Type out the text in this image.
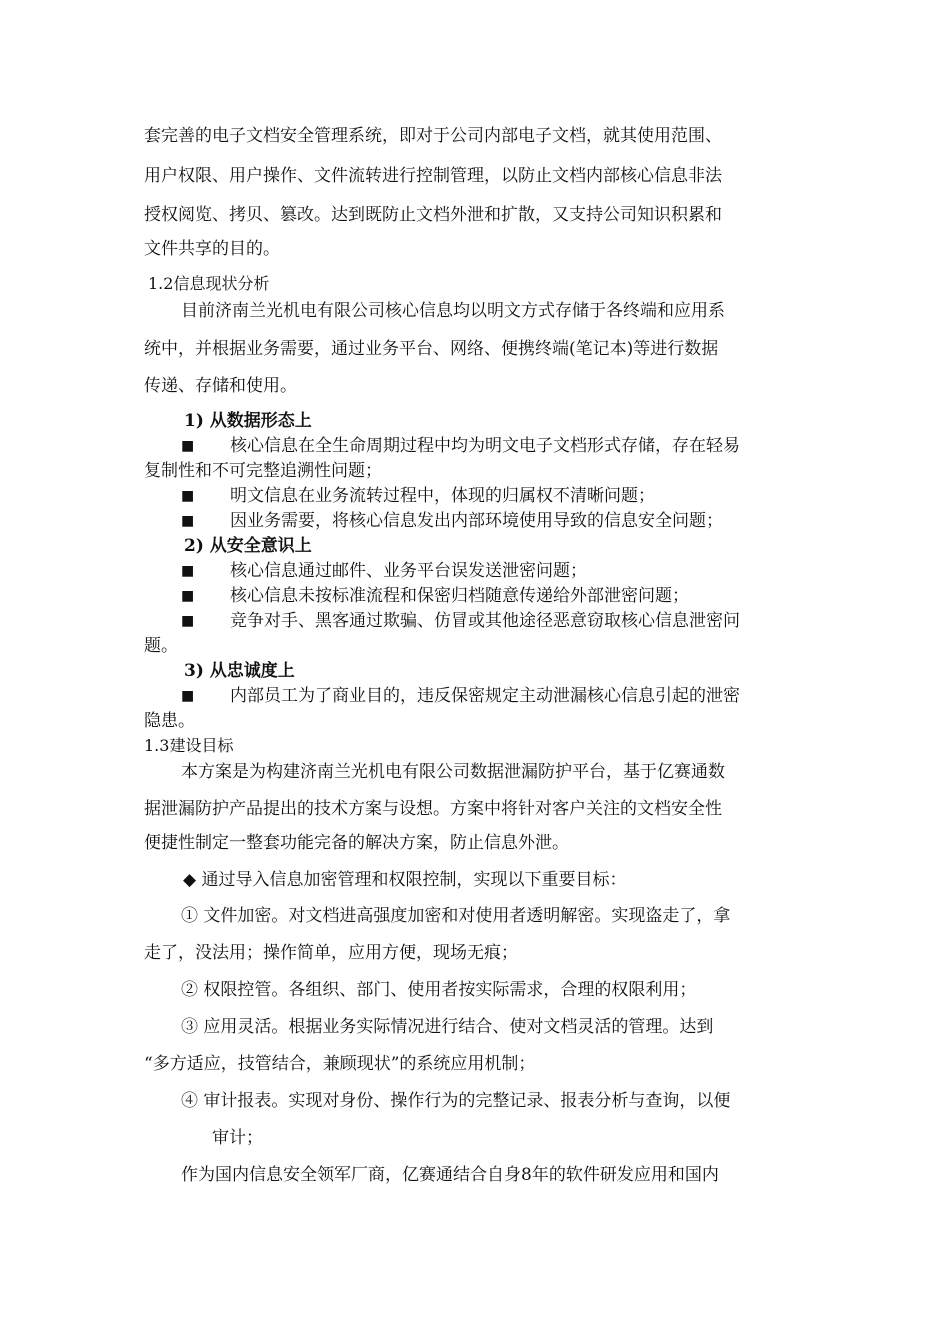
套完善的电子文档安全管理系统，即对于公司内部电子文档，就其使用范围、
用户权限、用户操作、文件流转进行控制管理，以防止文档内部核心信息非法
授权阅览、拷贝、篡改。达到既防止文档外泄和扩散，又支持公司知识积累和
文件共享的目的。
1.2信息现状分析
目前济南兰光机电有限公司核心信息均以明文方式存储于各终端和应用系
统中，并根据业务需要，通过业务平台、网络、便携终端(笔记本)等进行数据
传递、存储和使用。
1) 从数据形态上
■ 核心信息在全生命周期过程中均为明文电子文档形式存储，存在轻易
复制性和不可完整追溯性问题；
■ 明文信息在业务流转过程中，体现的归属权不清晰问题；
■ 因业务需要，将核心信息发出内部环境使用导致的信息安全问题；
2) 从安全意识上
■ 核心信息通过邮件、业务平台误发送泄密问题；
■ 核心信息未按标准流程和保密归档随意传递给外部泄密问题；
■ 竞争对手、黑客通过欺骗、仿冒或其他途径恶意窃取核心信息泄密问
题。
3) 从忠诚度上
■ 内部员工为了商业目的，违反保密规定主动泄漏核心信息引起的泄密
隐患。
1.3建设目标
本方案是为构建济南兰光机电有限公司数据泄漏防护平台，基于亿赛通数
据泄漏防护产品提出的技术方案与设想。方案中将针对客户关注的文档安全性
便捷性制定一整套功能完备的解决方案，防止信息外泄。
◆ 通过导入信息加密管理和权限控制，实现以下重要目标：
① 文件加密。对文档进高强度加密和对使用者透明解密。实现盗走了，拿
走了，没法用；操作简单，应用方便，现场无痕；
② 权限控管。各组织、部门、使用者按实际需求，合理的权限利用；
③ 应用灵活。根据业务实际情况进行结合、使对文档灵活的管理。达到
“多方适应，技管结合，兼顾现状”的系统应用机制；
④ 审计报表。实现对身份、操作行为的完整记录、报表分析与查询，以便
审计；
作为国内信息安全领军厂商，亿赛通结合自身8年的软件研发应用和国内
